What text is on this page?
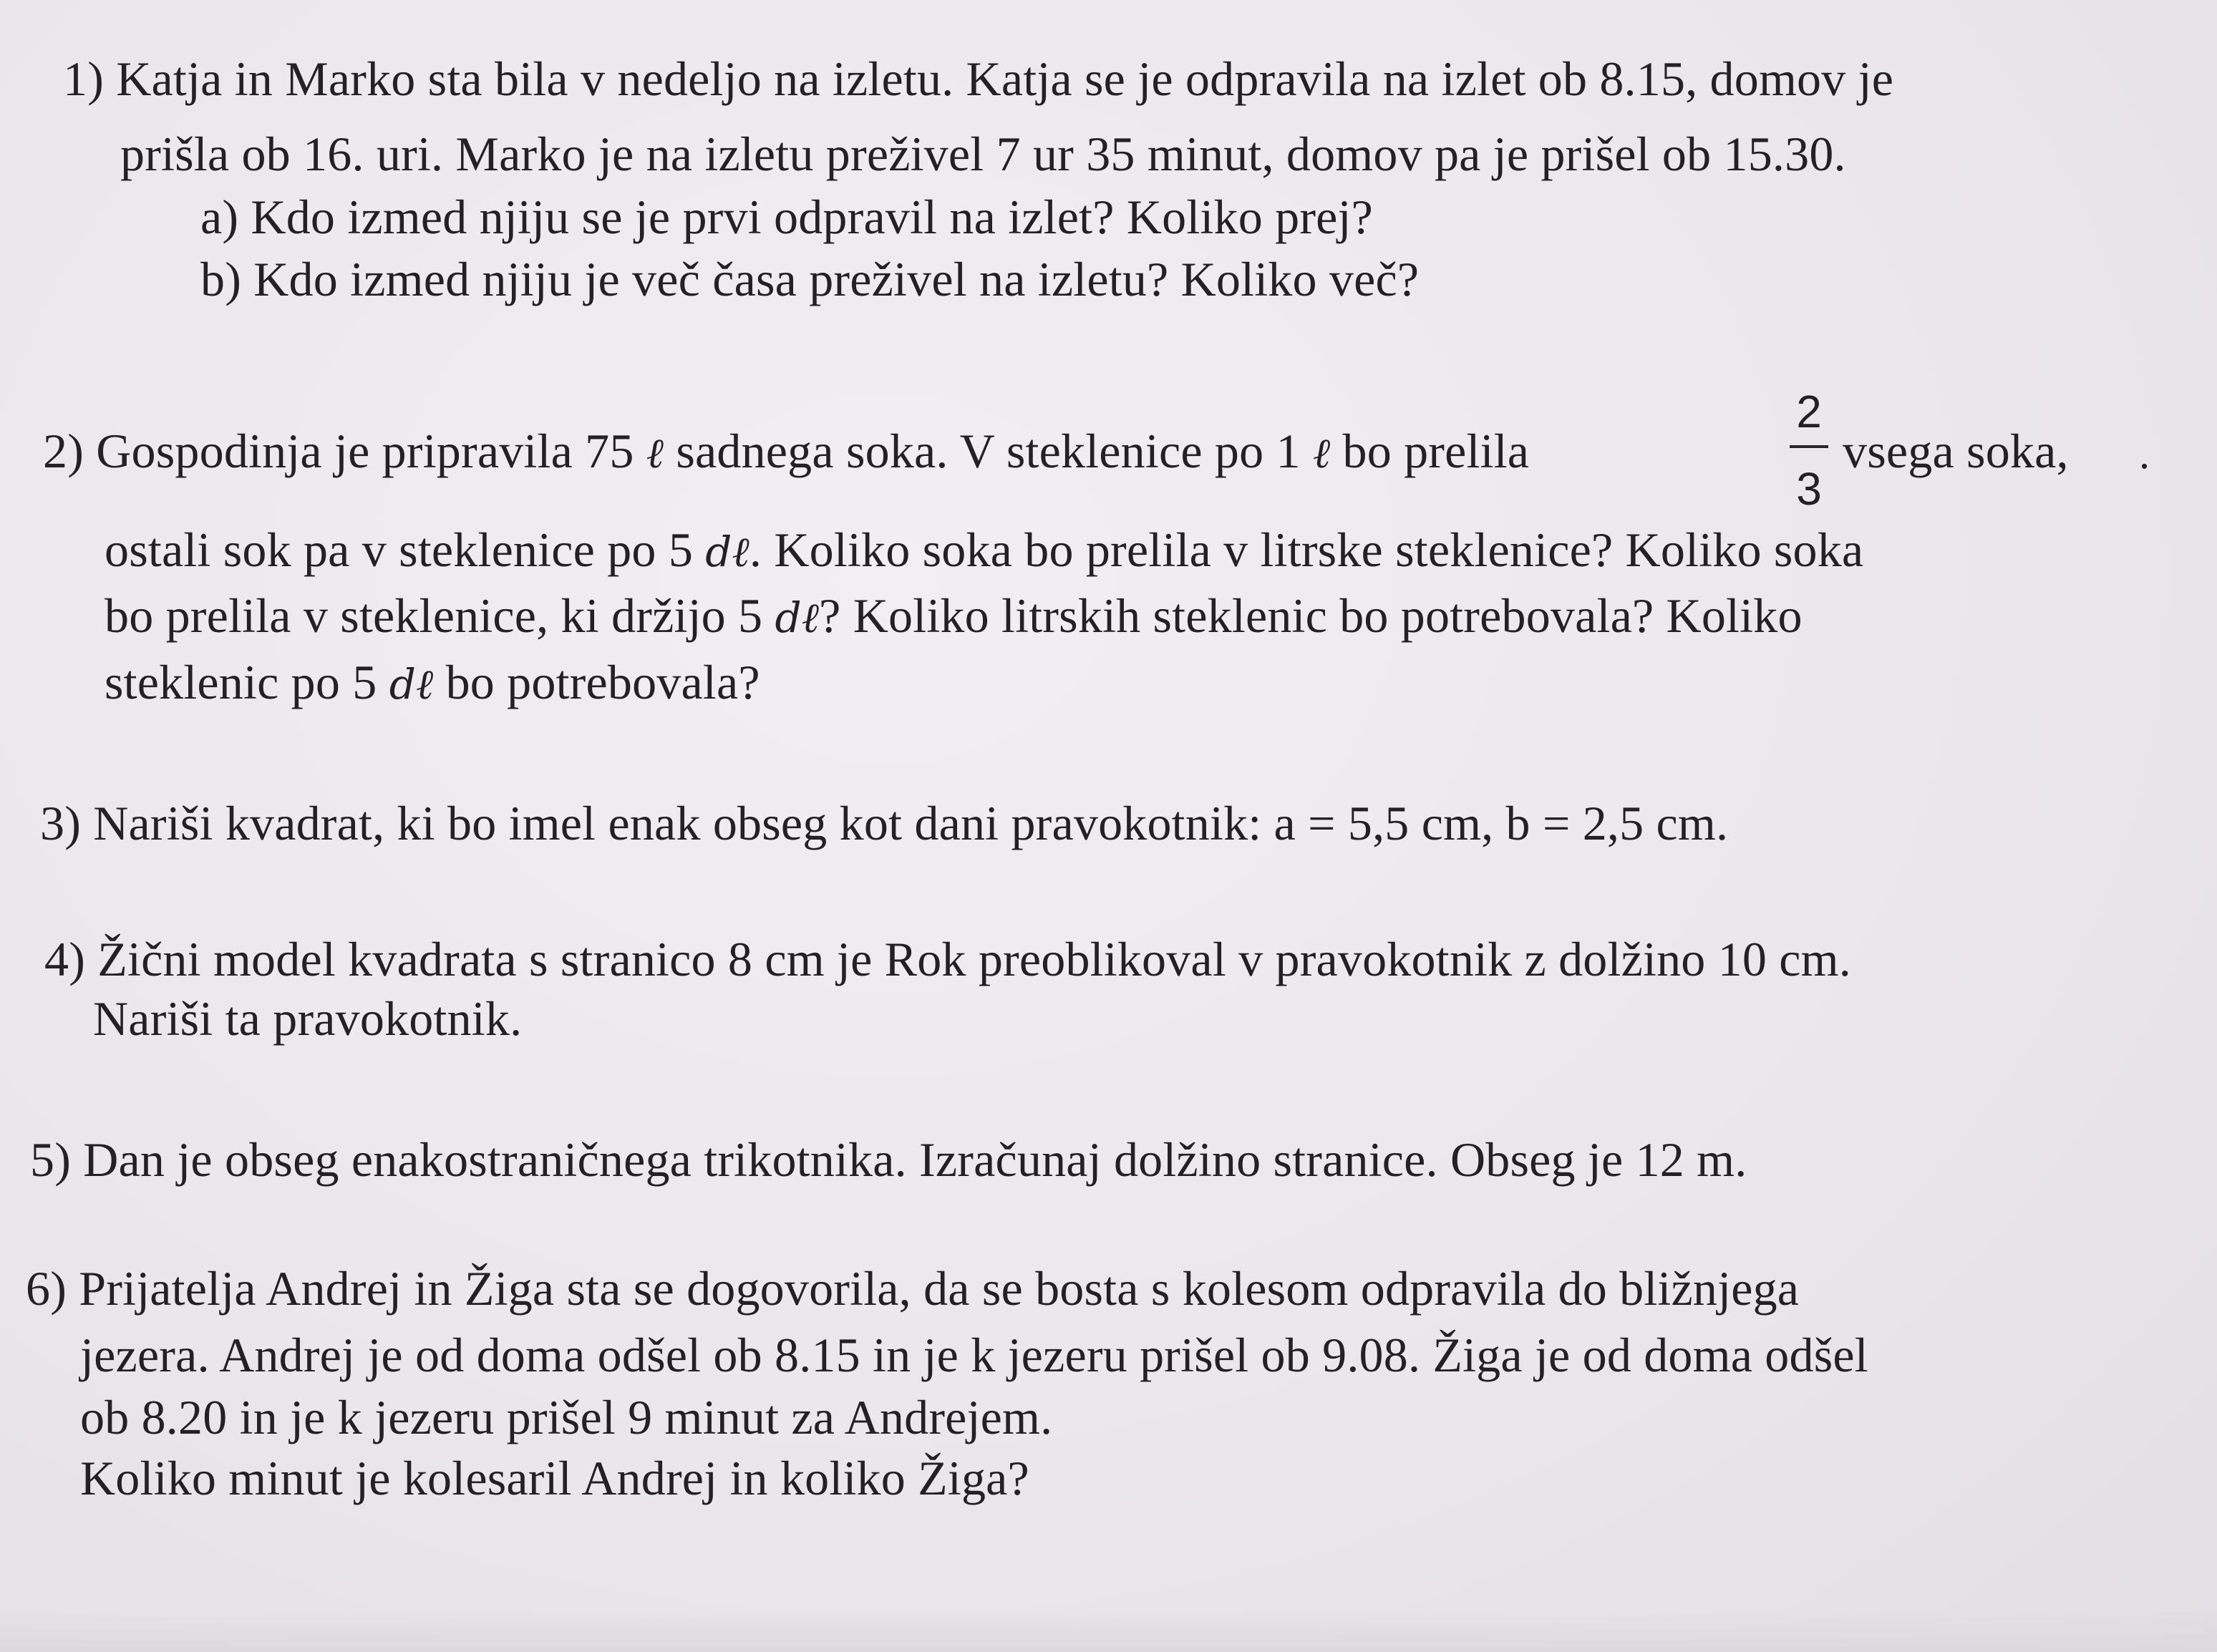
1) Katja in Marko sta bila v nedeljo na izletu. Katja se je odpravila na izlet ob 8.15, domov je
prišla ob 16. uri. Marko je na izletu preživel 7 ur 35 minut, domov pa je prišel ob 15.30.
a) Kdo izmed njiju se je prvi odpravil na izlet? Koliko prej?
b) Kdo izmed njiju je več časa preživel na izletu? Koliko več?
2) Gospodinja je pripravila 75 ℓ sadnega soka. V steklenice po 1 ℓ bo prelila
2
3
vsega soka, .
ostali sok pa v steklenice po 5 dℓ. Koliko soka bo prelila v litrske steklenice? Koliko soka
bo prelila v steklenice, ki držijo 5 dℓ? Koliko litrskih steklenic bo potrebovala? Koliko
steklenic po 5 dℓ bo potrebovala?
3) Nariši kvadrat, ki bo imel enak obseg kot dani pravokotnik: a = 5,5 cm, b = 2,5 cm.
4) Žični model kvadrata s stranico 8 cm je Rok preoblikoval v pravokotnik z dolžino 10 cm.
Nariši ta pravokotnik.
5) Dan je obseg enakostraničnega trikotnika. Izračunaj dolžino stranice. Obseg je 12 m.
6) Prijatelja Andrej in Žiga sta se dogovorila, da se bosta s kolesom odpravila do bližnjega
jezera. Andrej je od doma odšel ob 8.15 in je k jezeru prišel ob 9.08. Žiga je od doma odšel
ob 8.20 in je k jezeru prišel 9 minut za Andrejem.
Koliko minut je kolesaril Andrej in koliko Žiga?
